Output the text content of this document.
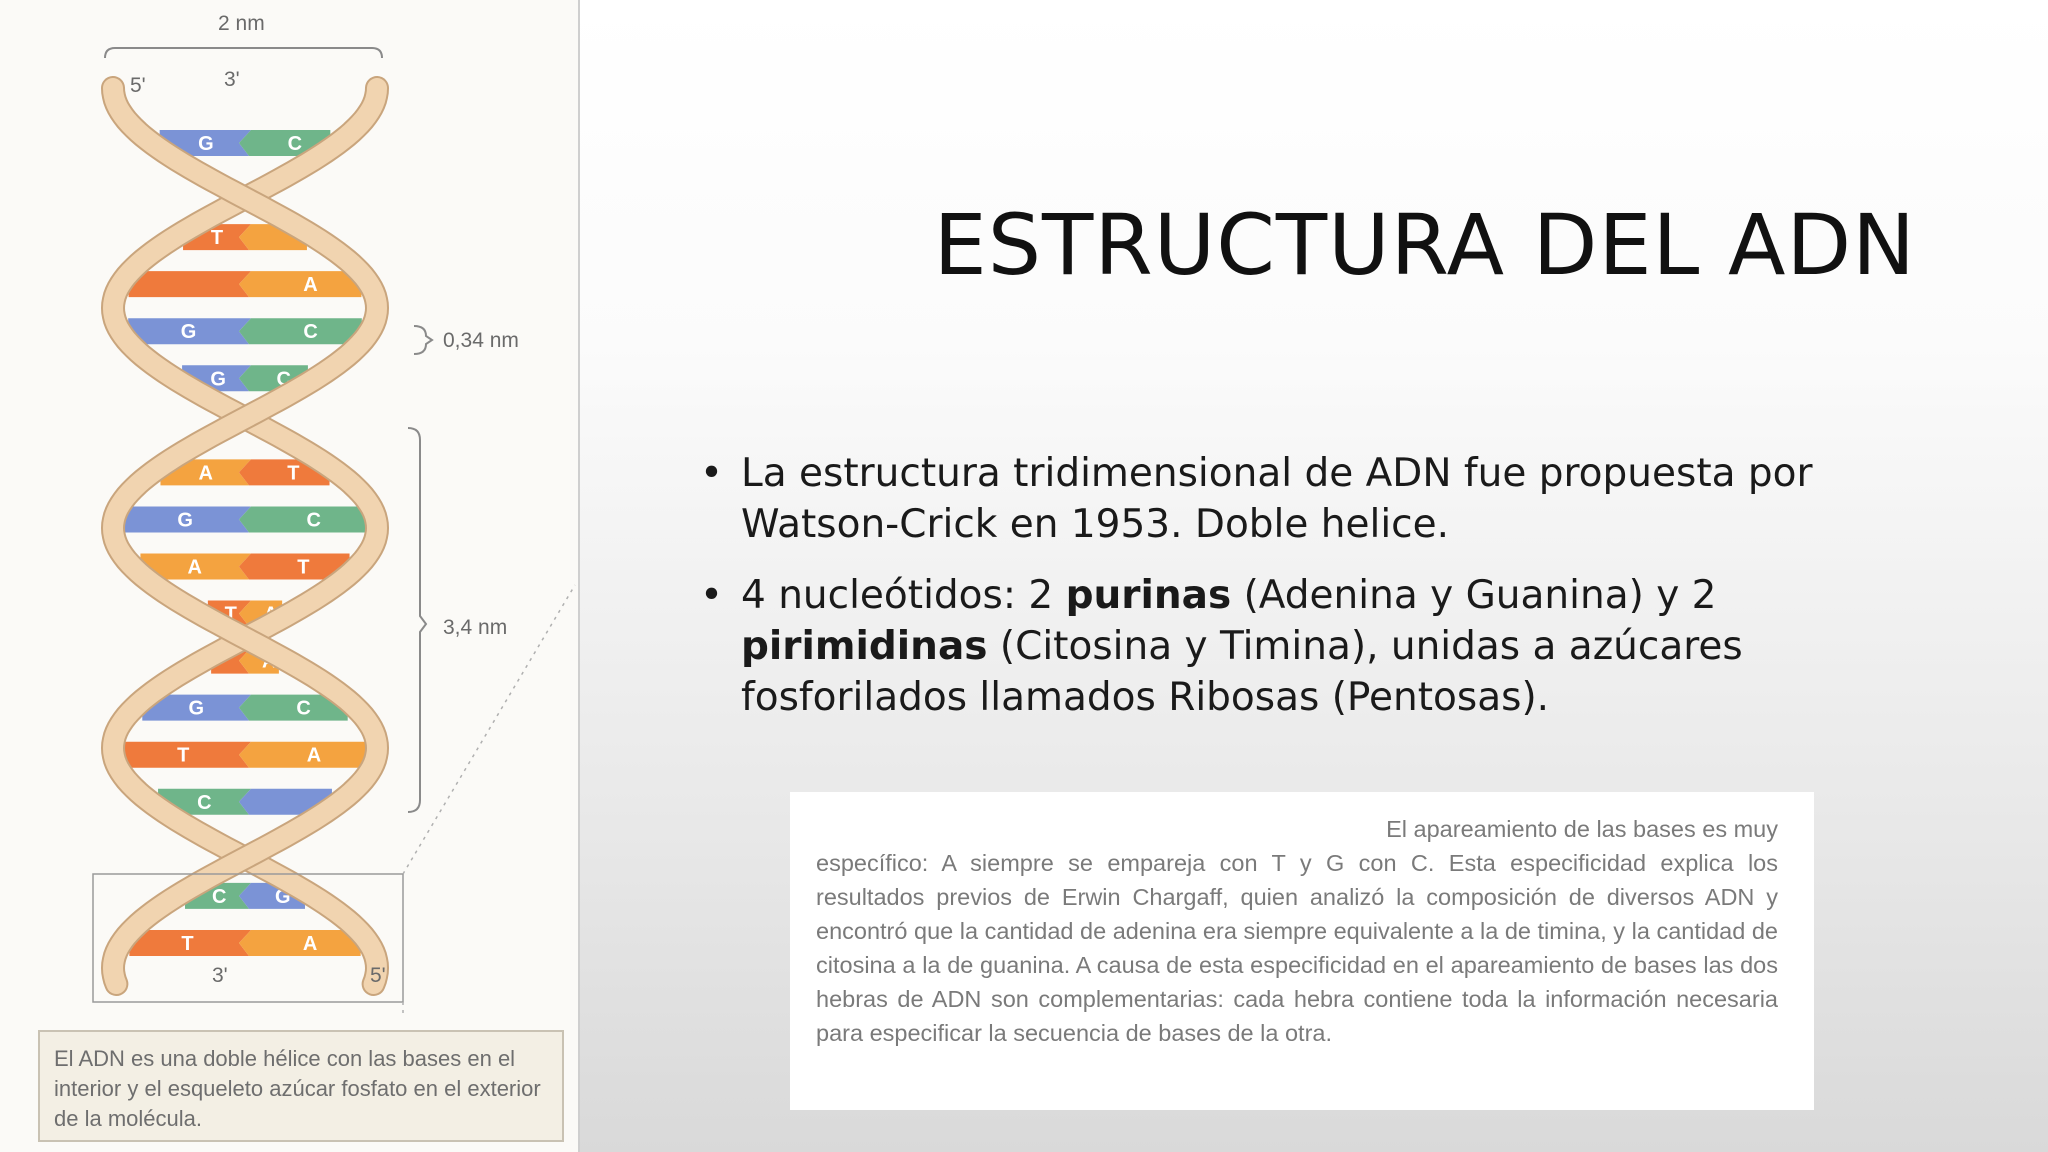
2 nm
5'	3'
G	C
T
A
G	C
G	C
A	T
G	C
A	T
T A
A
G	C
T	A
C
C G
T	A
0,34 nm
3,4 nm
3'	5'
El ADN es una doble hélice con las bases en el interior y el esqueleto azúcar fosfato en el exterior de la molécula.
ESTRUCTURA DEL ADN
• La estructura tridimensional de ADN fue propuesta por Watson-Crick en 1953. Doble helice.
• 4 nucleótidos: 2 purinas (Adenina y Guanina) y 2 pirimidinas (Citosina y Timina), unidas a azúcares fosforilados llamados Ribosas (Pentosas).
El apareamiento de las bases es muy
específico: A siempre se empareja con T y G con C. Esta especificidad explica los resultados previos de Erwin Chargaff, quien analizó la composición de diversos ADN y encontró que la cantidad de adenina era siempre equivalente a la de timina, y la cantidad de citosina a la de guanina. A causa de esta especificidad en el apareamiento de bases las dos hebras de ADN son complementarias: cada hebra contiene toda la información necesaria para especificar la secuencia de bases de la otra.
